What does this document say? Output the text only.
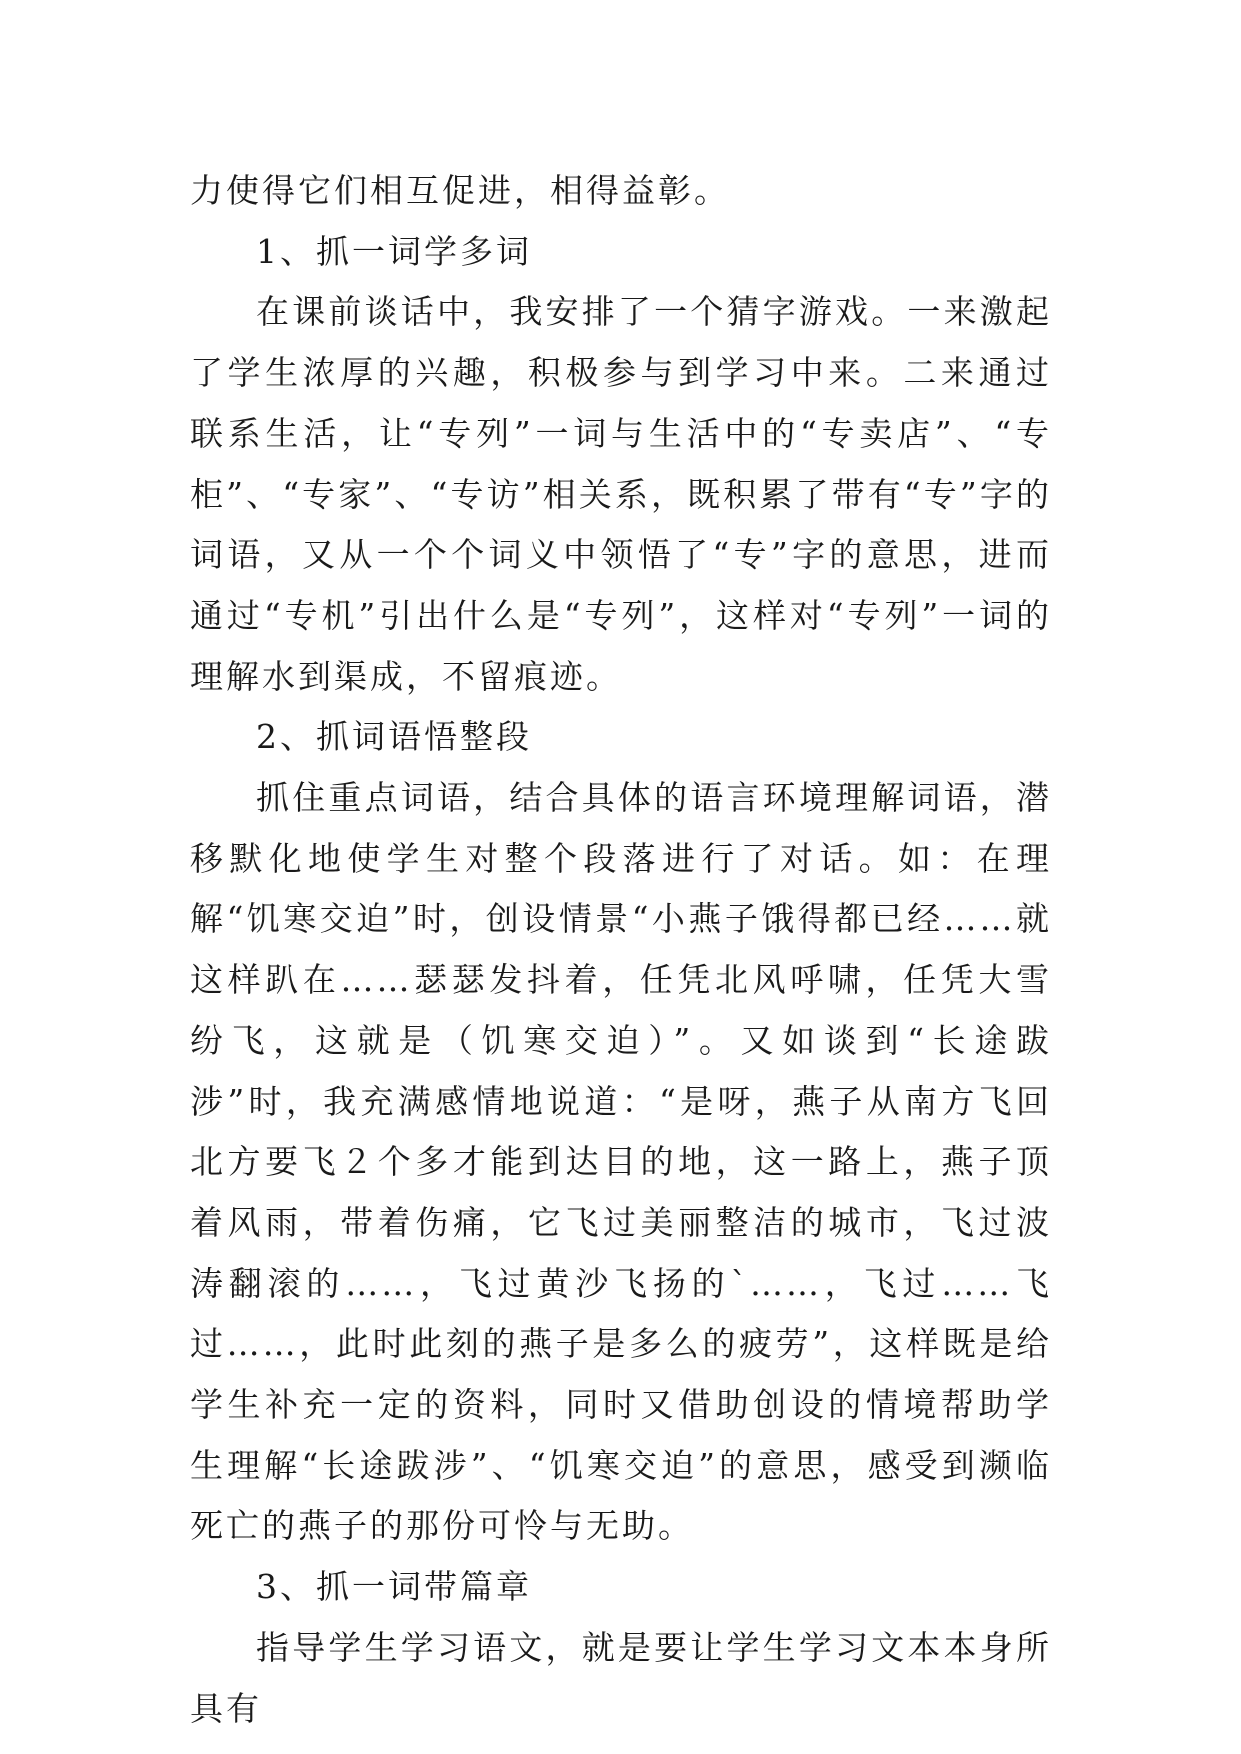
力使得它们相互促进，相得益彰。

1、抓一词学多词

在课前谈话中，我安排了一个猜字游戏。一来激起了学生浓厚的兴趣，积极参与到学习中来。二来通过联系生活，让“专列”一词与生活中的“专卖店”、“专柜”、“专家”、“专访”相关系，既积累了带有“专”字的词语，又从一个个词义中领悟了“专”字的意思，进而通过“专机”引出什么是“专列”，这样对“专列”一词的理解水到渠成，不留痕迹。

2、抓词语悟整段

抓住重点词语，结合具体的语言环境理解词语，潜移默化地使学生对整个段落进行了对话。如：在理解“饥寒交迫”时，创设情景“小燕子饿得都已经……就这样趴在……瑟瑟发抖着，任凭北风呼啸，任凭大雪纷飞，这就是（饥寒交迫）”。又如谈到“长途跋涉”时，我充满感情地说道：“是呀，燕子从南方飞回北方要飞２个多才能到达目的地，这一路上，燕子顶着风雨，带着伤痛，它飞过美丽整洁的城市，飞过波涛翻滚的……，飞过黄沙飞扬的`……，飞过……飞过……，此时此刻的燕子是多么的疲劳”，这样既是给学生补充一定的资料，同时又借助创设的情境帮助学生理解“长途跋涉”、“饥寒交迫”的意思，感受到濒临死亡的燕子的那份可怜与无助。

3、抓一词带篇章

指导学生学习语文，就是要让学生学习文本本身所具有
